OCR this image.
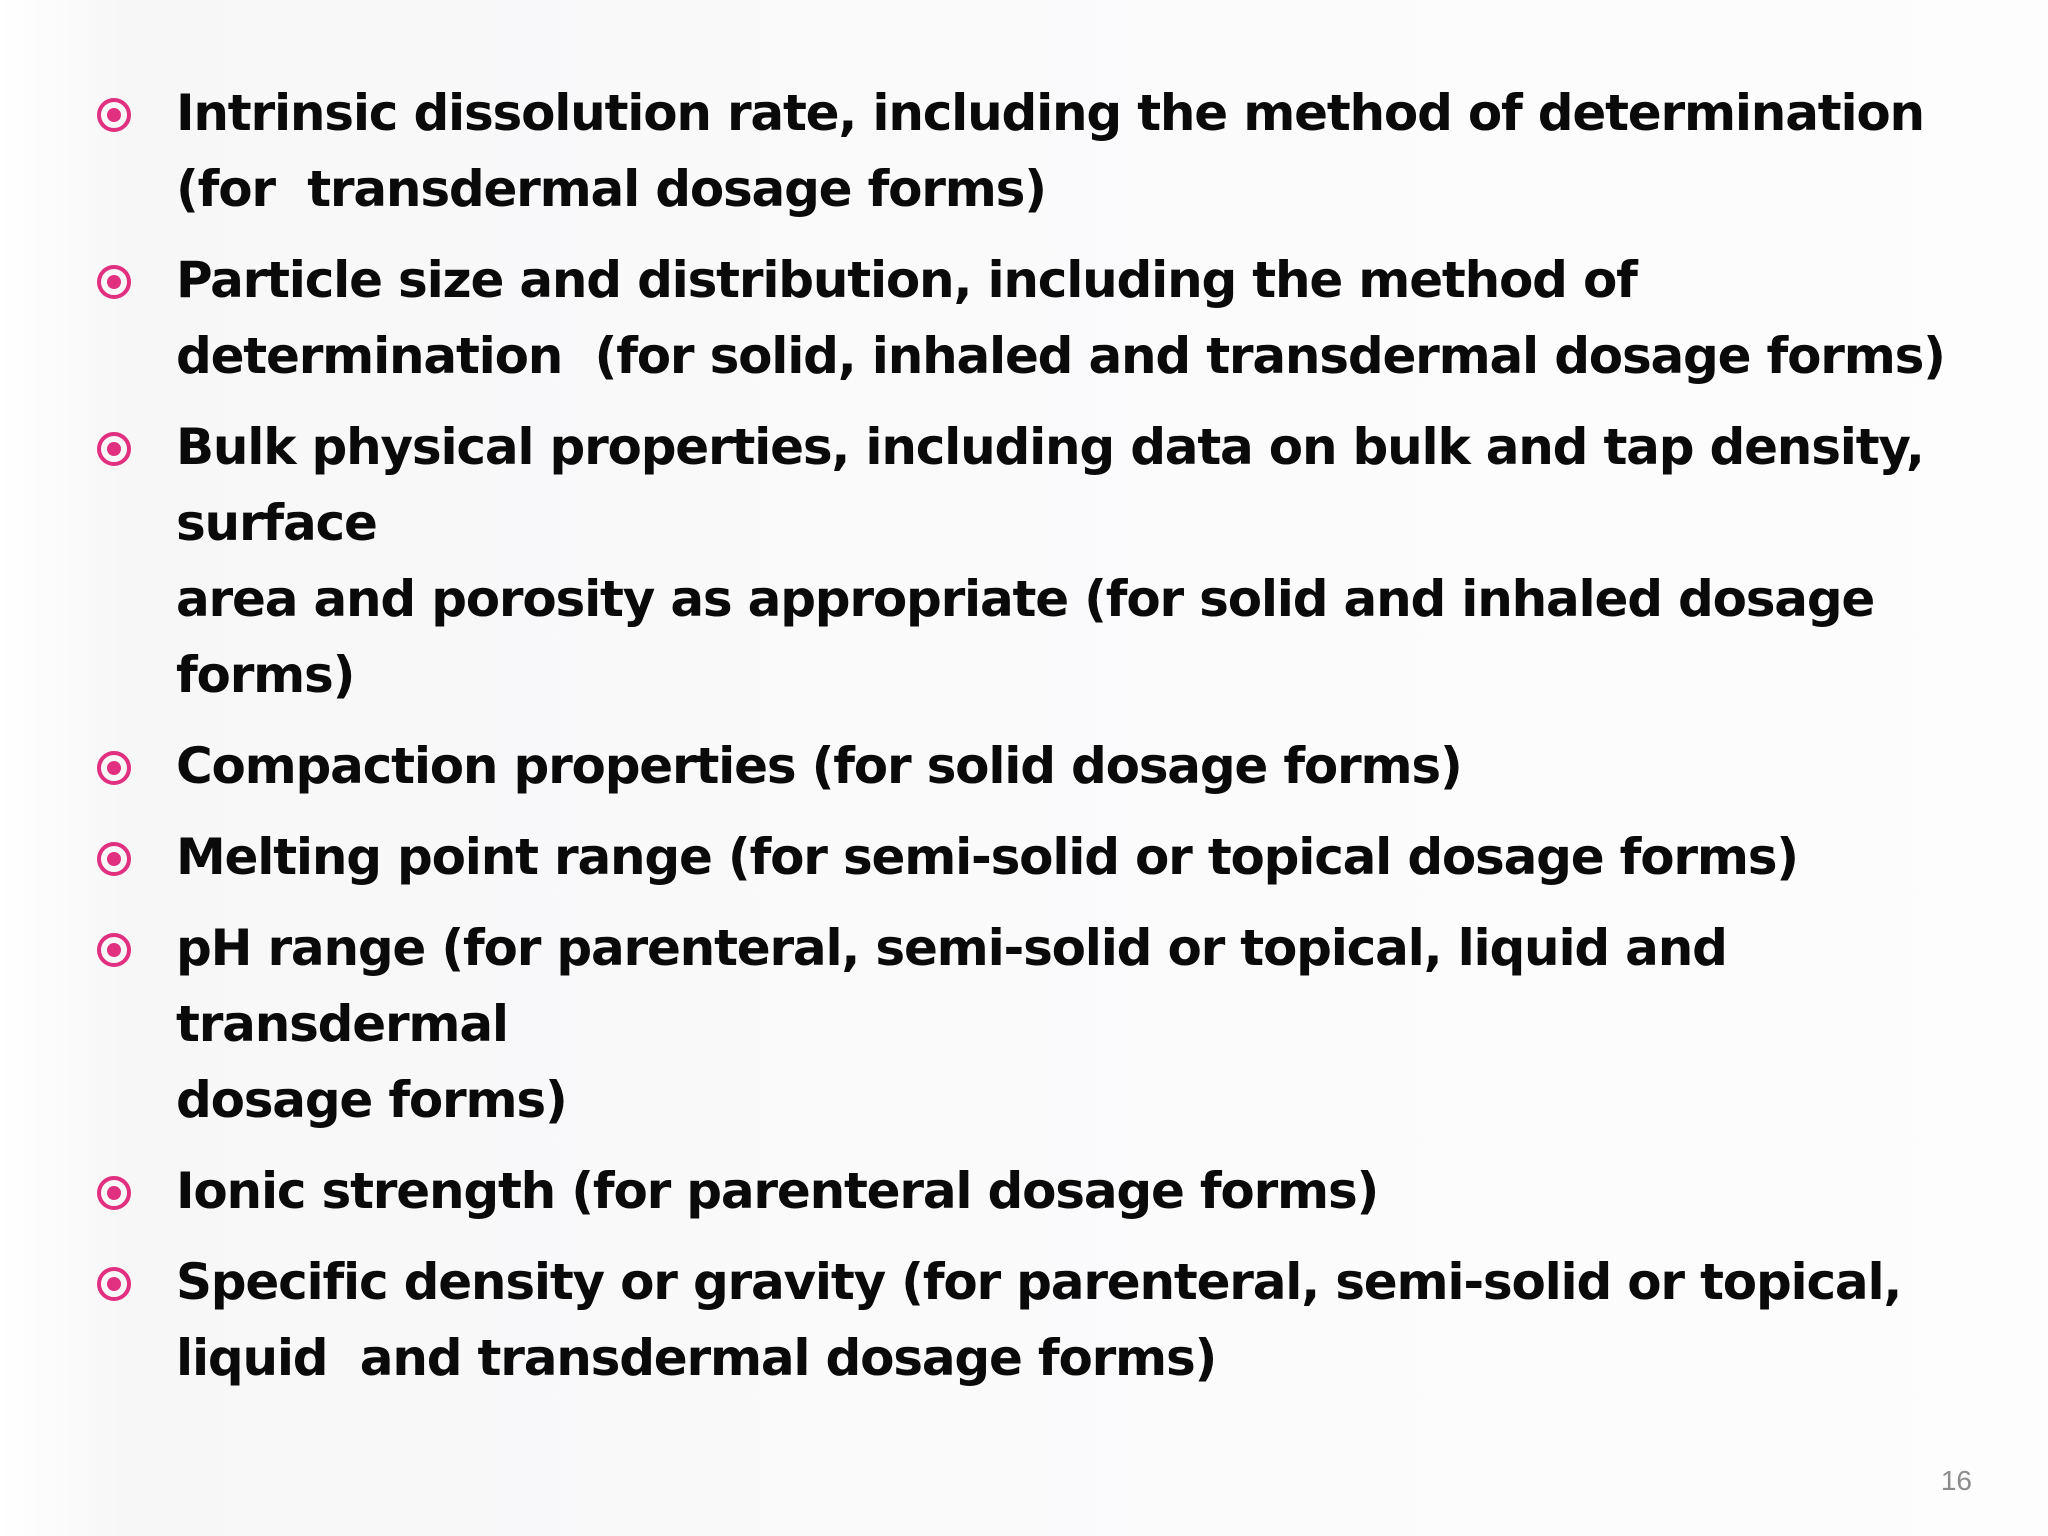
Intrinsic dissolution rate, including the method of determination
(for  transdermal dosage forms)
Particle size and distribution, including the method of
determination  (for solid, inhaled and transdermal dosage forms)
Bulk physical properties, including data on bulk and tap density,
surface
area and porosity as appropriate (for solid and inhaled dosage
forms)
Compaction properties (for solid dosage forms)
Melting point range (for semi-solid or topical dosage forms)
pH range (for parenteral, semi-solid or topical, liquid and
transdermal
dosage forms)
Ionic strength (for parenteral dosage forms)
Specific density or gravity (for parenteral, semi-solid or topical,
liquid  and transdermal dosage forms)
16
